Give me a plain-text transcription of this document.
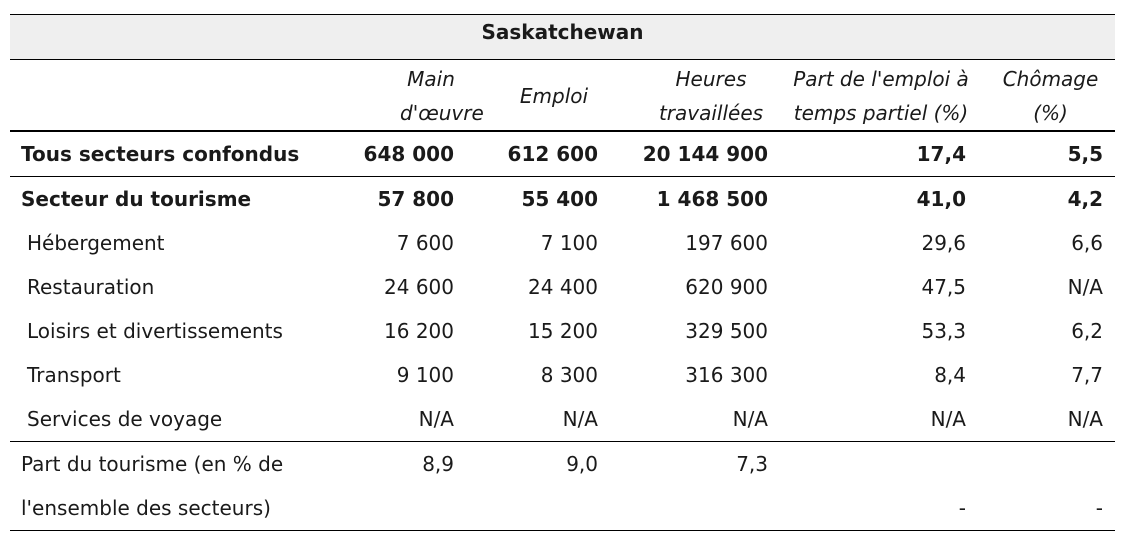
Saskatchewan
	Main d'œuvre	Emploi	Heures travaillées	Part de l'emploi à temps partiel (%)	Chômage (%)
Tous secteurs confondus	648 000	612 600	20 144 900	17,4	5,5
Secteur du tourisme	57 800	55 400	1 468 500	41,0	4,2
Hébergement	7 600	7 100	197 600	29,6	6,6
Restauration	24 600	24 400	620 900	47,5	N/A
Loisirs et divertissements	16 200	15 200	329 500	53,3	6,2
Transport	9 100	8 300	316 300	8,4	7,7
Services de voyage	N/A	N/A	N/A	N/A	N/A
Part du tourisme (en % de	8,9	9,0	7,3		
l'ensemble des secteurs)				-	-
